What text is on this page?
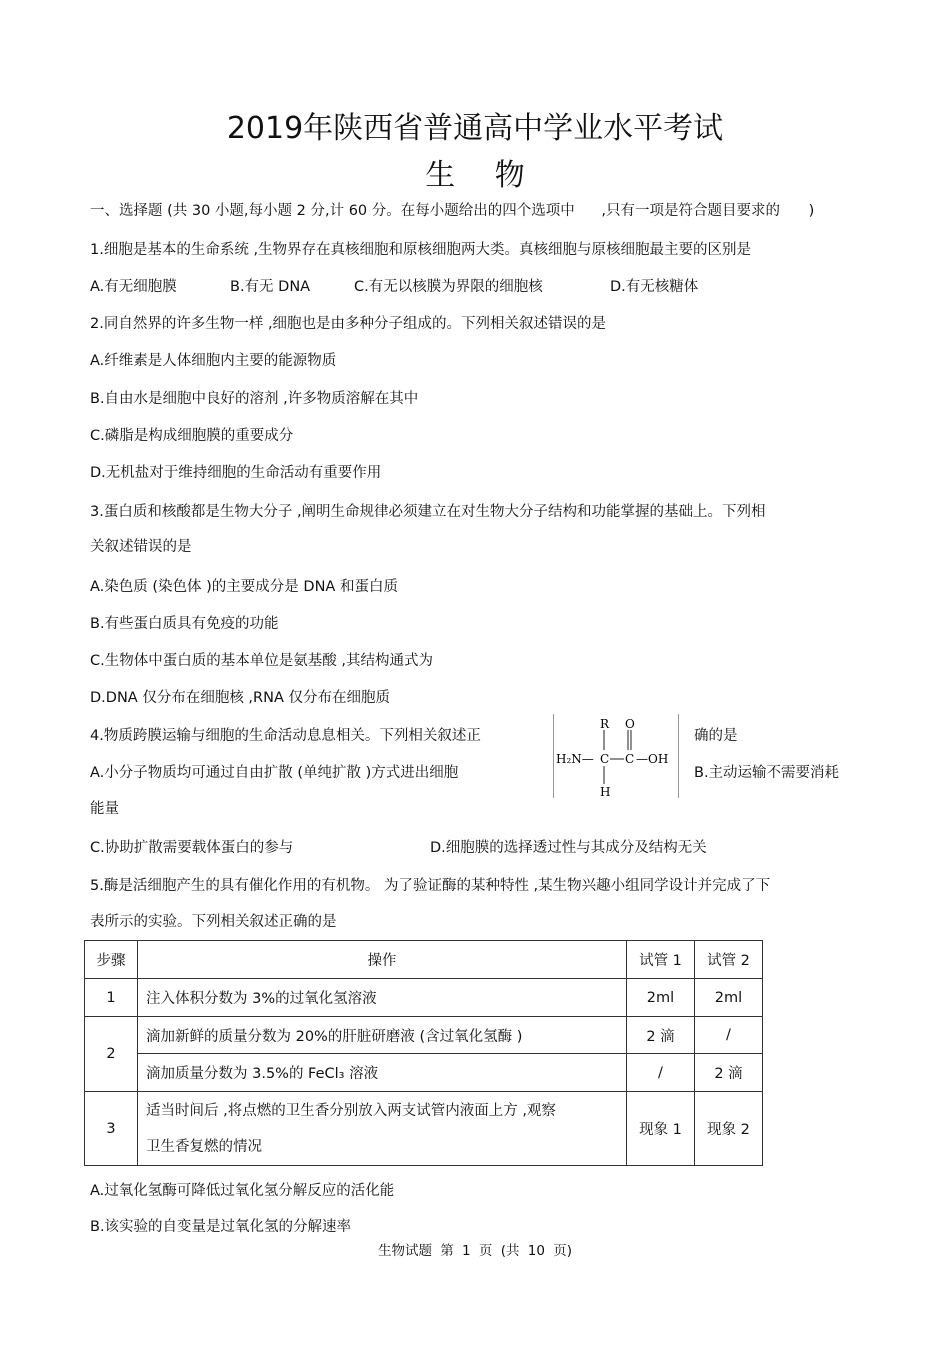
2019年陕西省普通高中学业水平考试
生 物
一、选择题 (共 30 小题,每小题 2 分,计 60 分。在每小题给出的四个选项中 ,只有一项是符合题目要求的 )
1.细胞是基本的生命系统 ,生物界存在真核细胞和原核细胞两大类。真核细胞与原核细胞最主要的区别是
A.有无细胞膜	B.有无 DNA	C.有无以核膜为界限的细胞核	D.有无核糖体
2.同自然界的许多生物一样 ,细胞也是由多种分子组成的。下列相关叙述错误的是
A.纤维素是人体细胞内主要的能源物质
B.自由水是细胞中良好的溶剂 ,许多物质溶解在其中
C.磷脂是构成细胞膜的重要成分
D.无机盐对于维持细胞的生命活动有重要作用
3.蛋白质和核酸都是生物大分子 ,阐明生命规律必须建立在对生物大分子结构和功能掌握的基础上。下列相
关叙述错误的是
A.染色质 (染色体 )的主要成分是 DNA 和蛋白质
B.有些蛋白质具有免疫的功能
C.生物体中蛋白质的基本单位是氨基酸 ,其结构通式为
D.DNA 仅分布在细胞核 ,RNA 仅分布在细胞质
R O
H₂N— C C —OH
H
4.物质跨膜运输与细胞的生命活动息息相关。下列相关叙述正	确的是
A.小分子物质均可通过自由扩散 (单纯扩散 )方式进出细胞	B.主动运输不需要消耗
能量
C.协助扩散需要载体蛋白的参与	D.细胞膜的选择透过性与其成分及结构无关
5.酶是活细胞产生的具有催化作用的有机物。 为了验证酶的某种特性 ,某生物兴趣小组同学设计并完成了下
表所示的实验。下列相关叙述正确的是
步骤	操作	试管 1	试管 2
1	注入体积分数为 3%的过氧化氢溶液	2ml	2ml
2	滴加新鲜的质量分数为 20%的肝脏研磨液 (含过氧化氢酶 )	2 滴	/
	滴加质量分数为 3.5%的 FeCl₃ 溶液	/	2 滴
3	适当时间后 ,将点燃的卫生香分别放入两支试管内液面上方 ,观察
卫生香复燃的情况	现象 1	现象 2
A.过氧化氢酶可降低过氧化氢分解反应的活化能
B.该实验的自变量是过氧化氢的分解速率
生物试题 第 1 页 (共 10 页)
